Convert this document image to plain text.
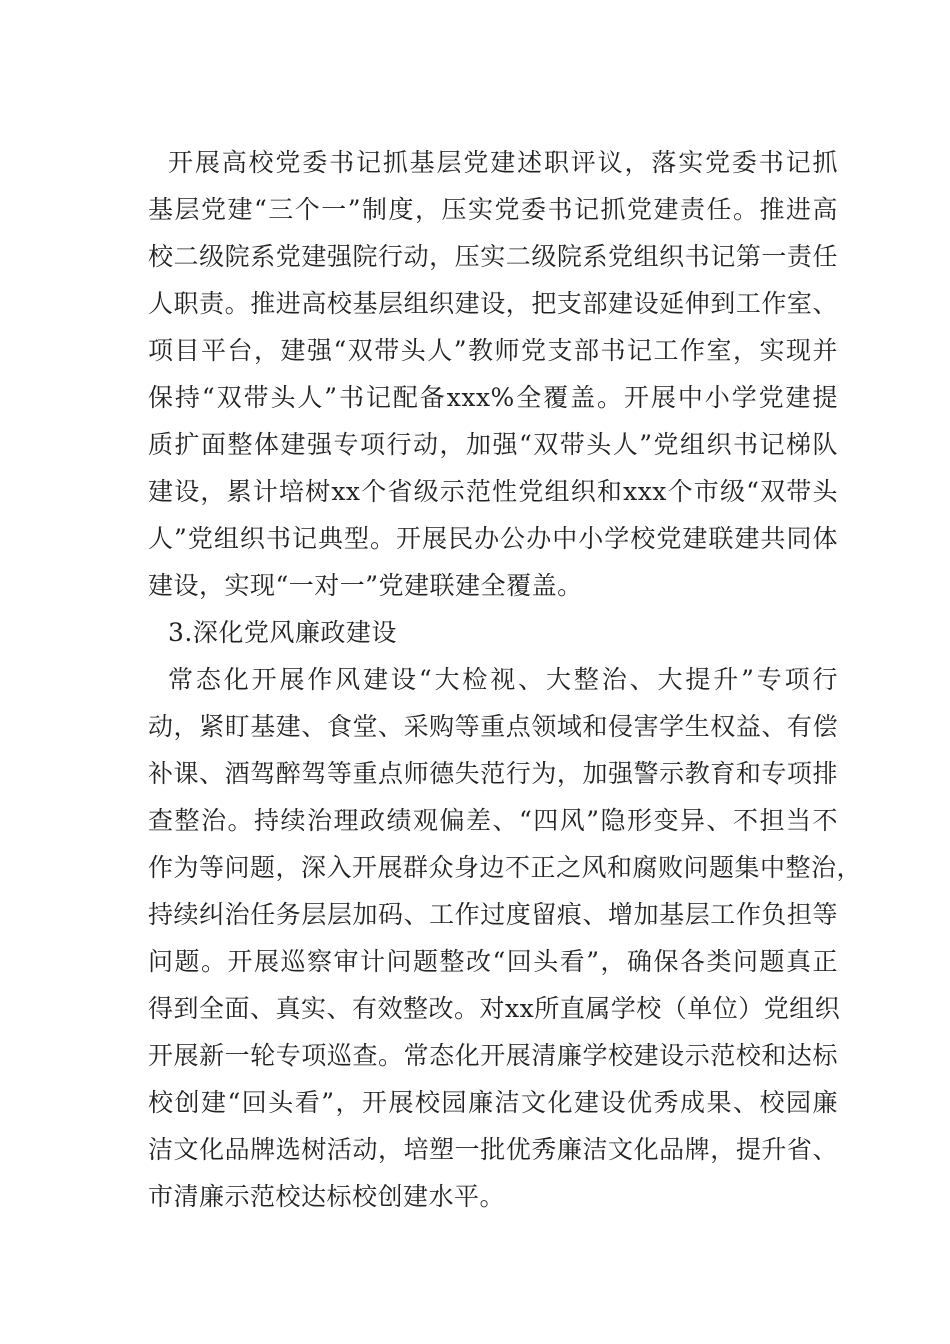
开展高校党委书记抓基层党建述职评议，落实党委书记抓
基层党建“三个一”制度，压实党委书记抓党建责任。推进高
校二级院系党建强院行动，压实二级院系党组织书记第一责任
人职责。推进高校基层组织建设，把支部建设延伸到工作室、
项目平台，建强“双带头人”教师党支部书记工作室，实现并
保持“双带头人”书记配备xxx%全覆盖。开展中小学党建提
质扩面整体建强专项行动，加强“双带头人”党组织书记梯队
建设，累计培树xx个省级示范性党组织和xxx个市级“双带头
人”党组织书记典型。开展民办公办中小学校党建联建共同体
建设，实现“一对一”党建联建全覆盖。
3.深化党风廉政建设
常态化开展作风建设“大检视、大整治、大提升”专项行
动，紧盯基建、食堂、采购等重点领域和侵害学生权益、有偿
补课、酒驾醉驾等重点师德失范行为，加强警示教育和专项排
查整治。持续治理政绩观偏差、“四风”隐形变异、不担当不
作为等问题，深入开展群众身边不正之风和腐败问题集中整治，
持续纠治任务层层加码、工作过度留痕、增加基层工作负担等
问题。开展巡察审计问题整改“回头看”，确保各类问题真正
得到全面、真实、有效整改。对xx所直属学校（单位）党组织
开展新一轮专项巡查。常态化开展清廉学校建设示范校和达标
校创建“回头看”，开展校园廉洁文化建设优秀成果、校园廉
洁文化品牌选树活动，培塑一批优秀廉洁文化品牌，提升省、
市清廉示范校达标校创建水平。
